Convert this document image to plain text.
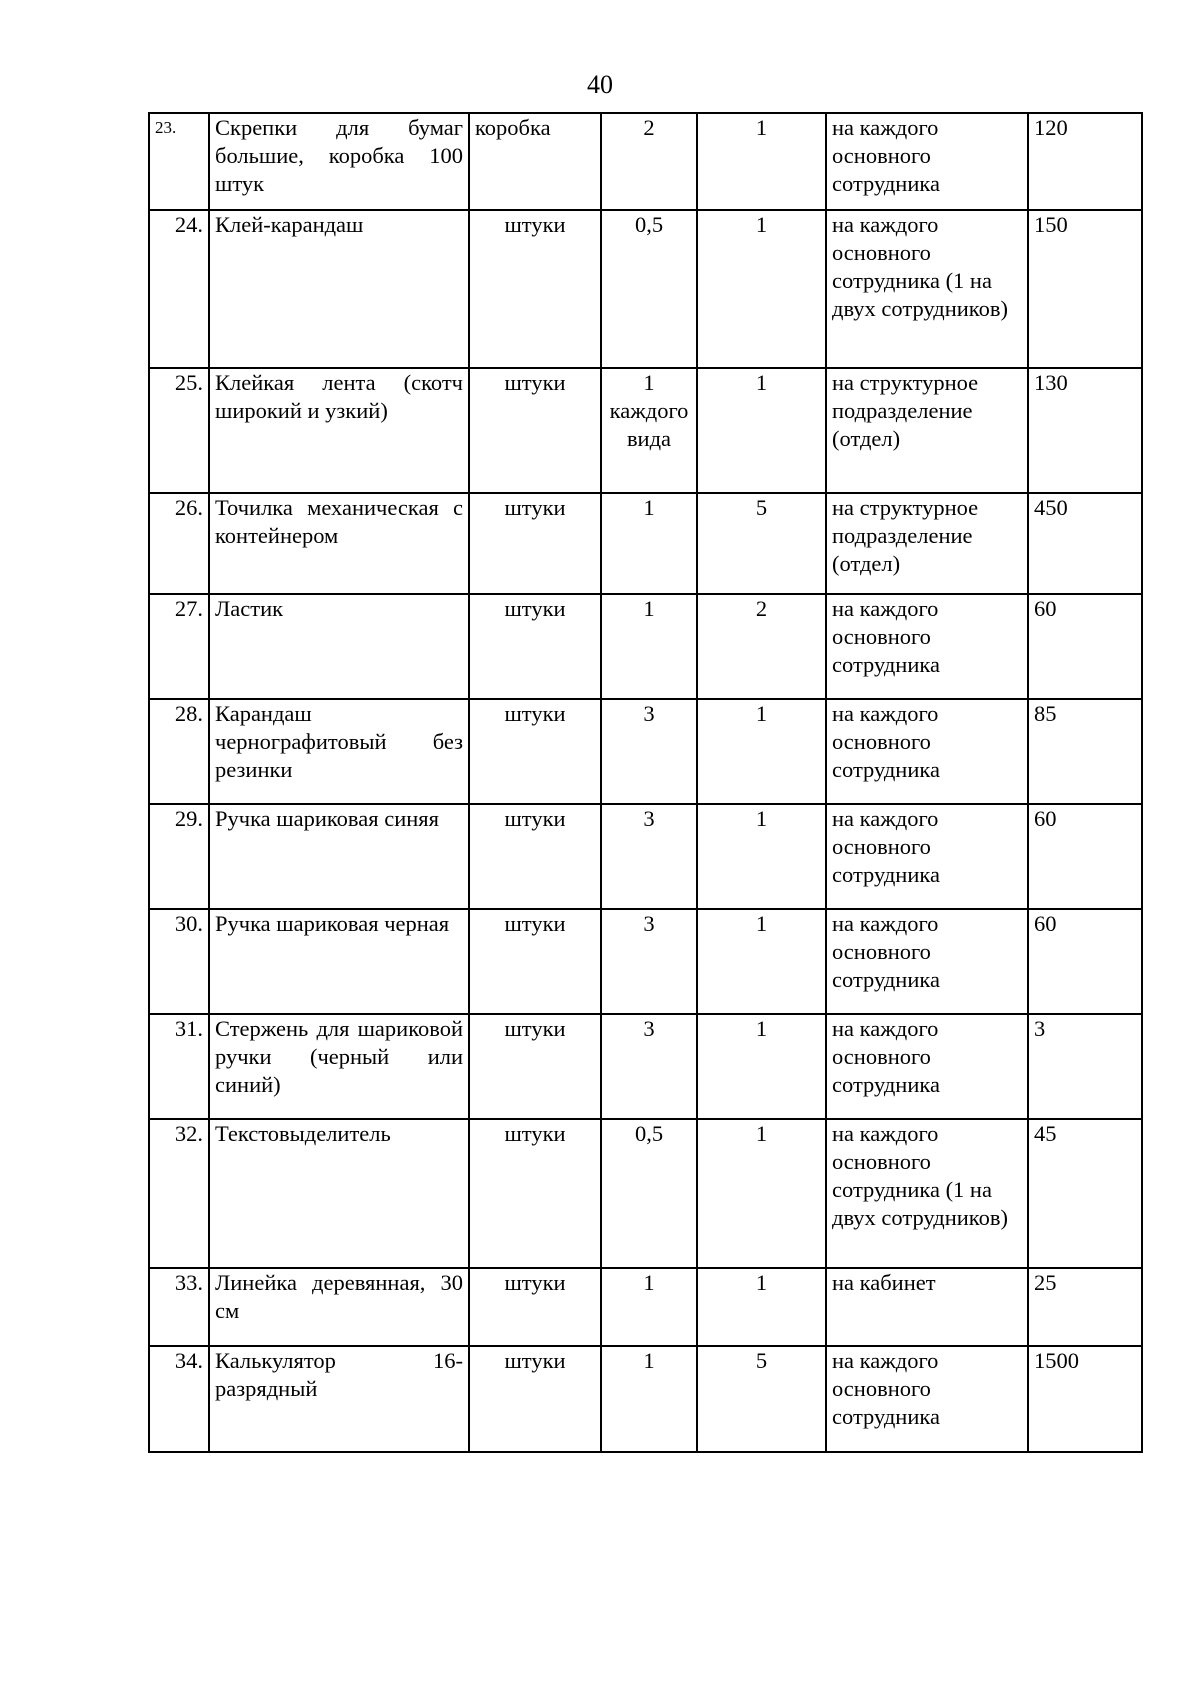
40
23.	Скрепки для бумаг большие, коробка 100 штук	коробка	2	1	на каждого основного сотрудника	120
24.	Клей-карандаш	штуки	0,5	1	на каждого основного сотрудника (1 на двух сотрудников)	150
25.	Клейкая лента (скотч широкий и узкий)	штуки	1 каждого вида	1	на структурное подразделение (отдел)	130
26.	Точилка механическая с контейнером	штуки	1	5	на структурное подразделение (отдел)	450
27.	Ластик	штуки	1	2	на каждого основного сотрудника	60
28.	Карандаш чернографитовый без резинки	штуки	3	1	на каждого основного сотрудника	85
29.	Ручка шариковая синяя	штуки	3	1	на каждого основного сотрудника	60
30.	Ручка шариковая черная	штуки	3	1	на каждого основного сотрудника	60
31.	Стержень для шариковой ручки (черный или синий)	штуки	3	1	на каждого основного сотрудника	3
32.	Текстовыделитель	штуки	0,5	1	на каждого основного сотрудника (1 на двух сотрудников)	45
33.	Линейка деревянная, 30 см	штуки	1	1	на кабинет	25
34.	Калькулятор 16-разрядный	штуки	1	5	на каждого основного сотрудника	1500
